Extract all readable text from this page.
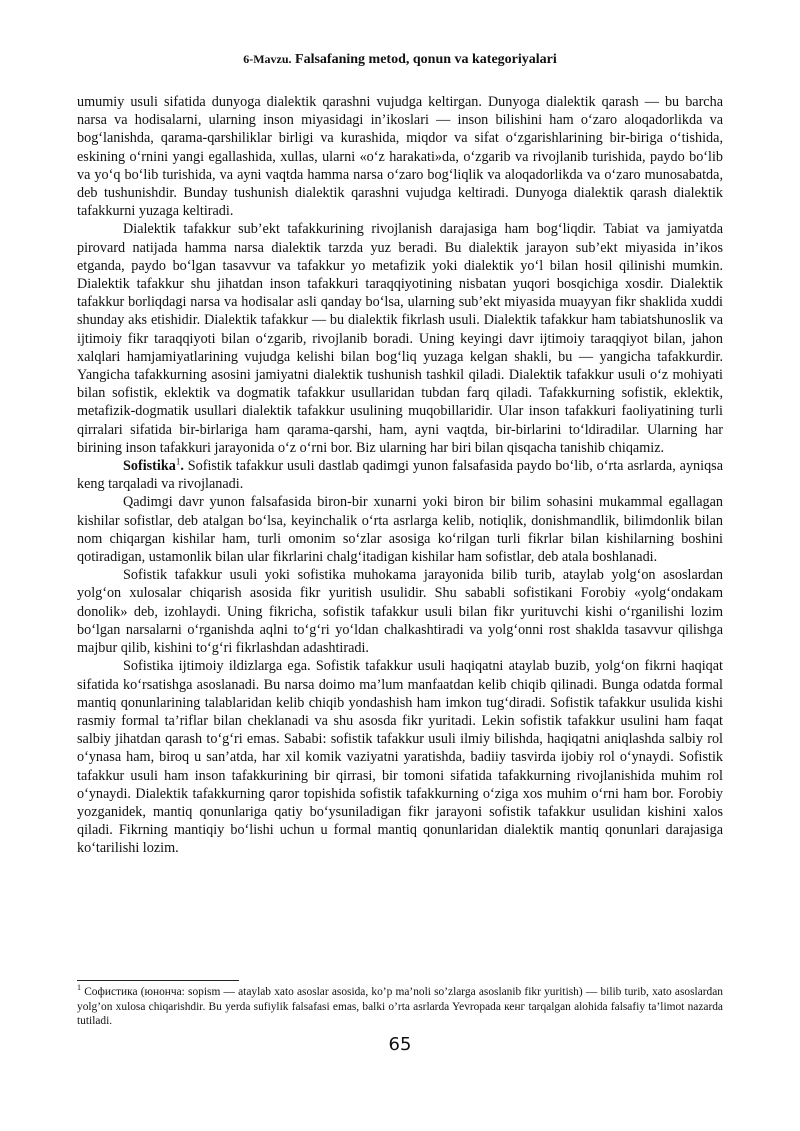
6-Mavzu. Falsafaning metod, qonun va kategoriyalari

umumiy usuli sifatida dunyoga dialektik qarashni vujudga keltirgan. Dunyoga dialektik qarash — bu barcha narsa va hodisalarni, ularning inson miyasidagi in’ikoslari — inson bilishini ham o‘zaro aloqadorlikda va bog‘lanishda, qarama-qarshiliklar birligi va kurashida, miqdor va sifat o‘zgarishlarining bir-biriga o‘tishida, eskining o‘rnini yangi egallashida, xullas, ularni «o‘z harakati»da, o‘zgarib va rivojlanib turishida, paydo bo‘lib va yo‘q bo‘lib turishida, va ayni vaqtda hamma narsa o‘zaro bog‘liqlik va aloqadorlikda va o‘zaro munosabatda, deb tushunishdir. Bunday tushunish dialektik qarashni vujudga keltiradi. Dunyoga dialektik qarash dialektik tafakkurni yuzaga keltiradi.

Dialektik tafakkur sub’ekt tafakkurining rivojlanish darajasiga ham bog‘liqdir. Tabiat va jamiyatda pirovard natijada hamma narsa dialektik tarzda yuz beradi. Bu dialektik jarayon sub’ekt miyasida in’ikos etganda, paydo bo‘lgan tasavvur va tafakkur yo metafizik yoki dialektik yo‘l bilan hosil qilinishi mumkin. Dialektik tafakkur shu jihatdan inson tafakkuri taraqqiyotining nisbatan yuqori bosqichiga xosdir. Dialektik tafakkur borliqdagi narsa va hodisalar asli qanday bo‘lsa, ularning sub’ekt miyasida muayyan fikr shaklida xuddi shunday aks etishidir. Dialektik tafakkur — bu dialektik fikrlash usuli. Dialektik tafakkur ham tabiatshunoslik va ijtimoiy fikr taraqqiyoti bilan o‘zgarib, rivojlanib boradi. Uning keyingi davr ijtimoiy taraqqiyot bilan, jahon xalqlari hamjamiyatlarining vujudga kelishi bilan bog‘liq yuzaga kelgan shakli, bu — yangicha tafakkurdir. Yangicha tafakkurning asosini jamiyatni dialektik tushunish tashkil qiladi. Dialektik tafakkur usuli o‘z mohiyati bilan sofistik, eklektik va dogmatik tafakkur usullaridan tubdan farq qiladi. Tafakkurning sofistik, eklektik, metafizik-dogmatik usullari dialektik tafakkur usulining muqobillaridir. Ular inson tafakkuri faoliyatining turli qirralari sifatida bir-birlariga ham qarama-qarshi, ham, ayni vaqtda, bir-birlarini to‘ldiradilar. Ularning har birining inson tafakkuri jarayonida o‘z o‘rni bor. Biz ularning har biri bilan qisqacha tanishib chiqamiz.

Sofistika$^1$. Sofistik tafakkur usuli dastlab qadimgi yunon falsafasida paydo bo‘lib, o‘rta asrlarda, ayniqsa keng tarqaladi va rivojlanadi.

Qadimgi davr yunon falsafasida biron-bir xunarni yoki biron bir bilim sohasini mukammal egallagan kishilar sofistlar, deb atalgan bo‘lsa, keyinchalik o‘rta asrlarga kelib, notiqlik, donishmandlik, bilimdonlik bilan nom chiqargan kishilar ham, turli omonim so‘zlar asosiga ko‘rilgan turli fikrlar bilan kishilarning boshini qotiradigan, ustamonlik bilan ular fikrlarini chalg‘itadigan kishilar ham sofistlar, deb atala boshlanadi.

Sofistik tafakkur usuli yoki sofistika muhokama jarayonida bilib turib, ataylab yolg‘on asoslardan yolg‘on xulosalar chiqarish asosida fikr yuritish usulidir. Shu sababli sofistikani Forobiy «yolg‘ondakam donolik» deb, izohlaydi. Uning fikricha, sofistik tafakkur usuli bilan fikr yurituvchi kishi o‘rganilishi lozim bo‘lgan narsalarni o‘rganishda aqlni to‘g‘ri yo‘ldan chalkashtiradi va yolg‘onni rost shaklda tasavvur qilishga majbur qilib, kishini to‘g‘ri fikrlashdan adashtiradi.

Sofistika ijtimoiy ildizlarga ega. Sofistik tafakkur usuli haqiqatni ataylab buzib, yolg‘on fikrni haqiqat sifatida ko‘rsatishga asoslanadi. Bu narsa doimo ma’lum manfaatdan kelib chiqib qilinadi. Bunga odatda formal mantiq qonunlarining talablaridan kelib chiqib yondashish ham imkon tug‘diradi. Sofistik tafakkur usulida kishi rasmiy formal ta’riflar bilan cheklanadi va shu asosda fikr yuritadi. Lekin sofistik tafakkur usulini ham faqat salbiy jihatdan qarash to‘g‘ri emas. Sababi: sofistik tafakkur usuli ilmiy bilishda, haqiqatni aniqlashda salbiy rol o‘ynasa ham, biroq u san’atda, har xil komik vaziyatni yaratishda, badiiy tasvirda ijobiy rol o‘ynaydi. Sofistik tafakkur usuli ham inson tafakkurining bir qirrasi, bir tomoni sifatida tafakkurning rivojlanishida muhim rol o‘ynaydi. Dialektik tafakkurning qaror topishida sofistik tafakkurning o‘ziga xos muhim o‘rni ham bor. Forobiy yozganidek, mantiq qonunlariga qatiy bo‘ysuniladigan fikr jarayoni sofistik tafakkur usulidan kishini xalos qiladi. Fikrning mantiqiy bo‘lishi uchun u formal mantiq qonunlaridan dialektik mantiq qonunlari darajasiga ko‘tarilishi lozim.

$^1$ Софистика (юнонча: sopism — ataylab xato asoslar asosida, ko’p ma’noli so’zlarga asoslanib fikr yuritish) — bilib turib, xato asoslardan yolg’on xulosa chiqarishdir. Bu yerda sufiylik falsafasi emas, balki o’rta asrlarda Yevropada кенг tarqalgan alohida falsafiy ta’limot nazarda tutiladi.
65
